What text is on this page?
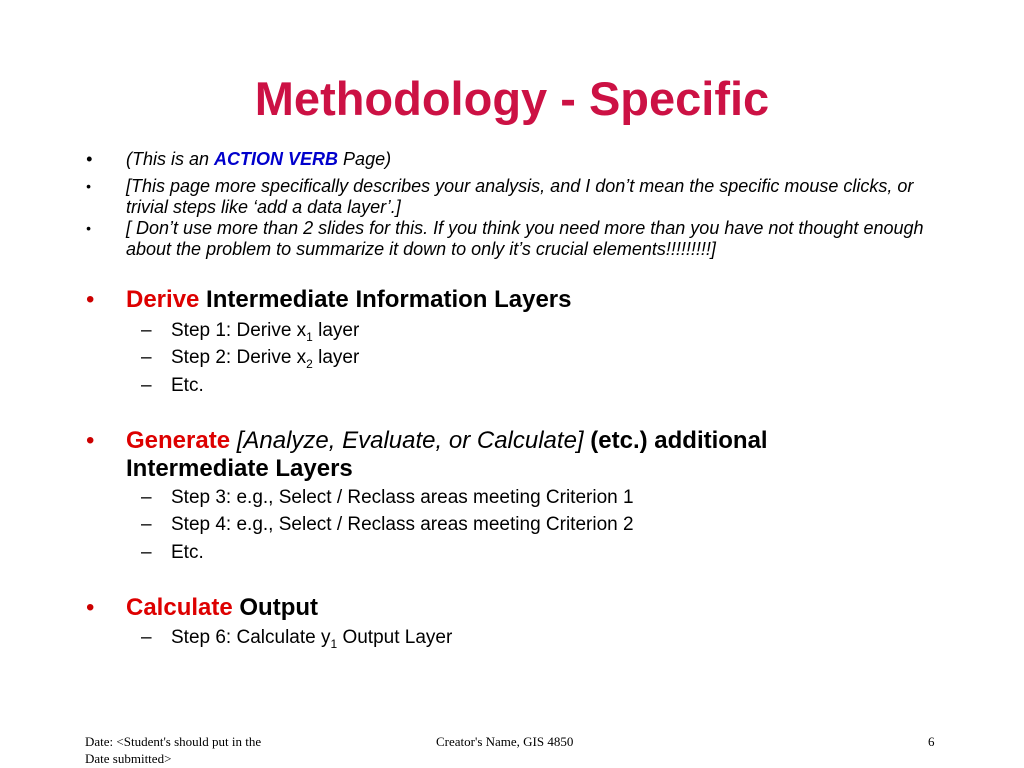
Methodology - Specific
• (This is an ACTION VERB Page)
• [This page more specifically describes your analysis, and I don’t mean the specific mouse clicks, or trivial steps like ‘add a data layer’.]
• [ Don’t use more than 2 slides for this. If you think you need more than you have not thought enough about the problem to summarize it down to only it’s crucial elements!!!!!!!!!]
• Derive Intermediate Information Layers
– Step 1: Derive $x_1$ layer
– Step 2: Derive $x_2$ layer
– Etc.
• Generate [Analyze, Evaluate, or Calculate] (etc.) additional Intermediate Layers
– Step 3: e.g., Select / Reclass areas meeting Criterion 1
– Step 4: e.g., Select / Reclass areas meeting Criterion 2
– Etc.
• Calculate Output
– Step 6: Calculate $y_1$ Output Layer
Date: <Student's should put in the
Date submitted>
Creator's Name, GIS 4850	6
